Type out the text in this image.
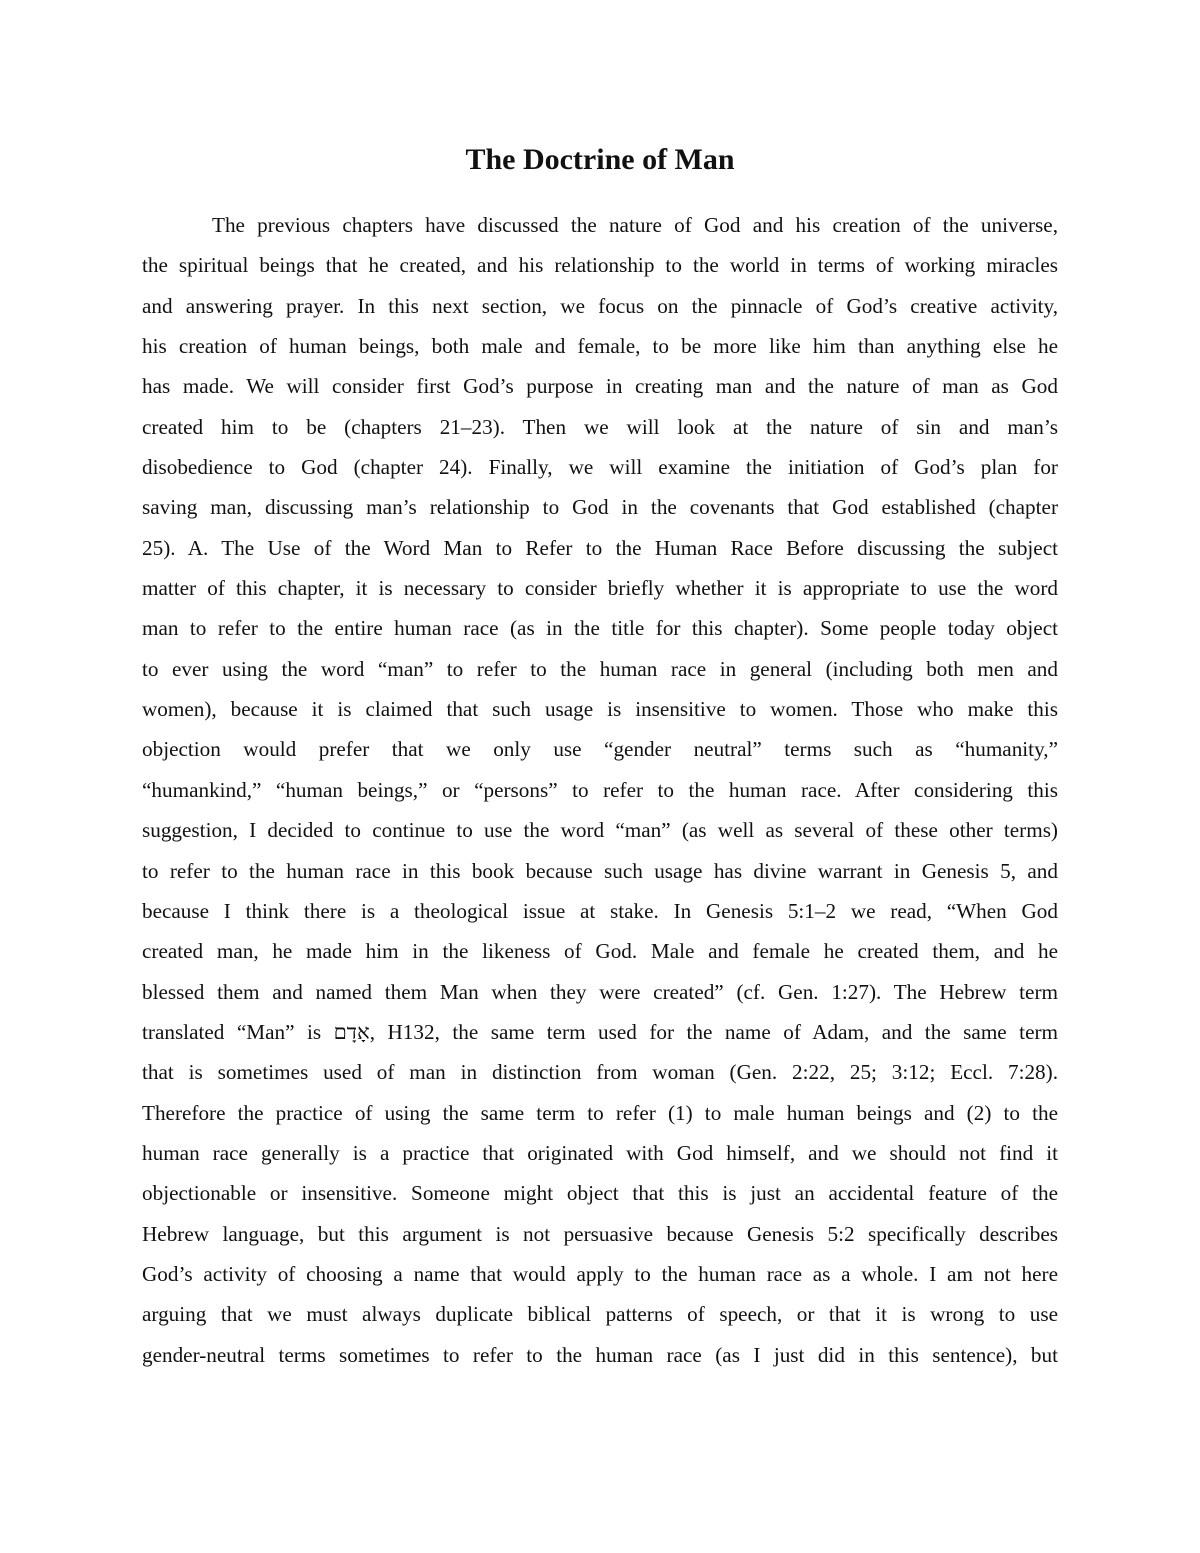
The Doctrine of Man
The previous chapters have discussed the nature of God and his creation of the universe,
the spiritual beings that he created, and his relationship to the world in terms of working miracles
and answering prayer. In this next section, we focus on the pinnacle of God’s creative activity,
his creation of human beings, both male and female, to be more like him than anything else he
has made. We will consider first God’s purpose in creating man and the nature of man as God
created him to be (chapters 21–23). Then we will look at the nature of sin and man’s
disobedience to God (chapter 24). Finally, we will examine the initiation of God’s plan for
saving man, discussing man’s relationship to God in the covenants that God established (chapter
25). A. The Use of the Word Man to Refer to the Human Race Before discussing the subject
matter of this chapter, it is necessary to consider briefly whether it is appropriate to use the word
man to refer to the entire human race (as in the title for this chapter). Some people today object
to ever using the word “man” to refer to the human race in general (including both men and
women), because it is claimed that such usage is insensitive to women. Those who make this
objection would prefer that we only use “gender neutral” terms such as “humanity,”
“humankind,” “human beings,” or “persons” to refer to the human race. After considering this
suggestion, I decided to continue to use the word “man” (as well as several of these other terms)
to refer to the human race in this book because such usage has divine warrant in Genesis 5, and
because I think there is a theological issue at stake. In Genesis 5:1–2 we read, “When God
created man, he made him in the likeness of God. Male and female he created them, and he
blessed them and named them Man when they were created” (cf. Gen. 1:27). The Hebrew term
translated “Man” is ‎אָדָם‎, H132, the same term used for the name of Adam, and the same term
that is sometimes used of man in distinction from woman (Gen. 2:22, 25; 3:12; Eccl. 7:28).
Therefore the practice of using the same term to refer (1) to male human beings and (2) to the
human race generally is a practice that originated with God himself, and we should not find it
objectionable or insensitive. Someone might object that this is just an accidental feature of the
Hebrew language, but this argument is not persuasive because Genesis 5:2 specifically describes
God’s activity of choosing a name that would apply to the human race as a whole. I am not here
arguing that we must always duplicate biblical patterns of speech, or that it is wrong to use
gender-neutral terms sometimes to refer to the human race (as I just did in this sentence), but
